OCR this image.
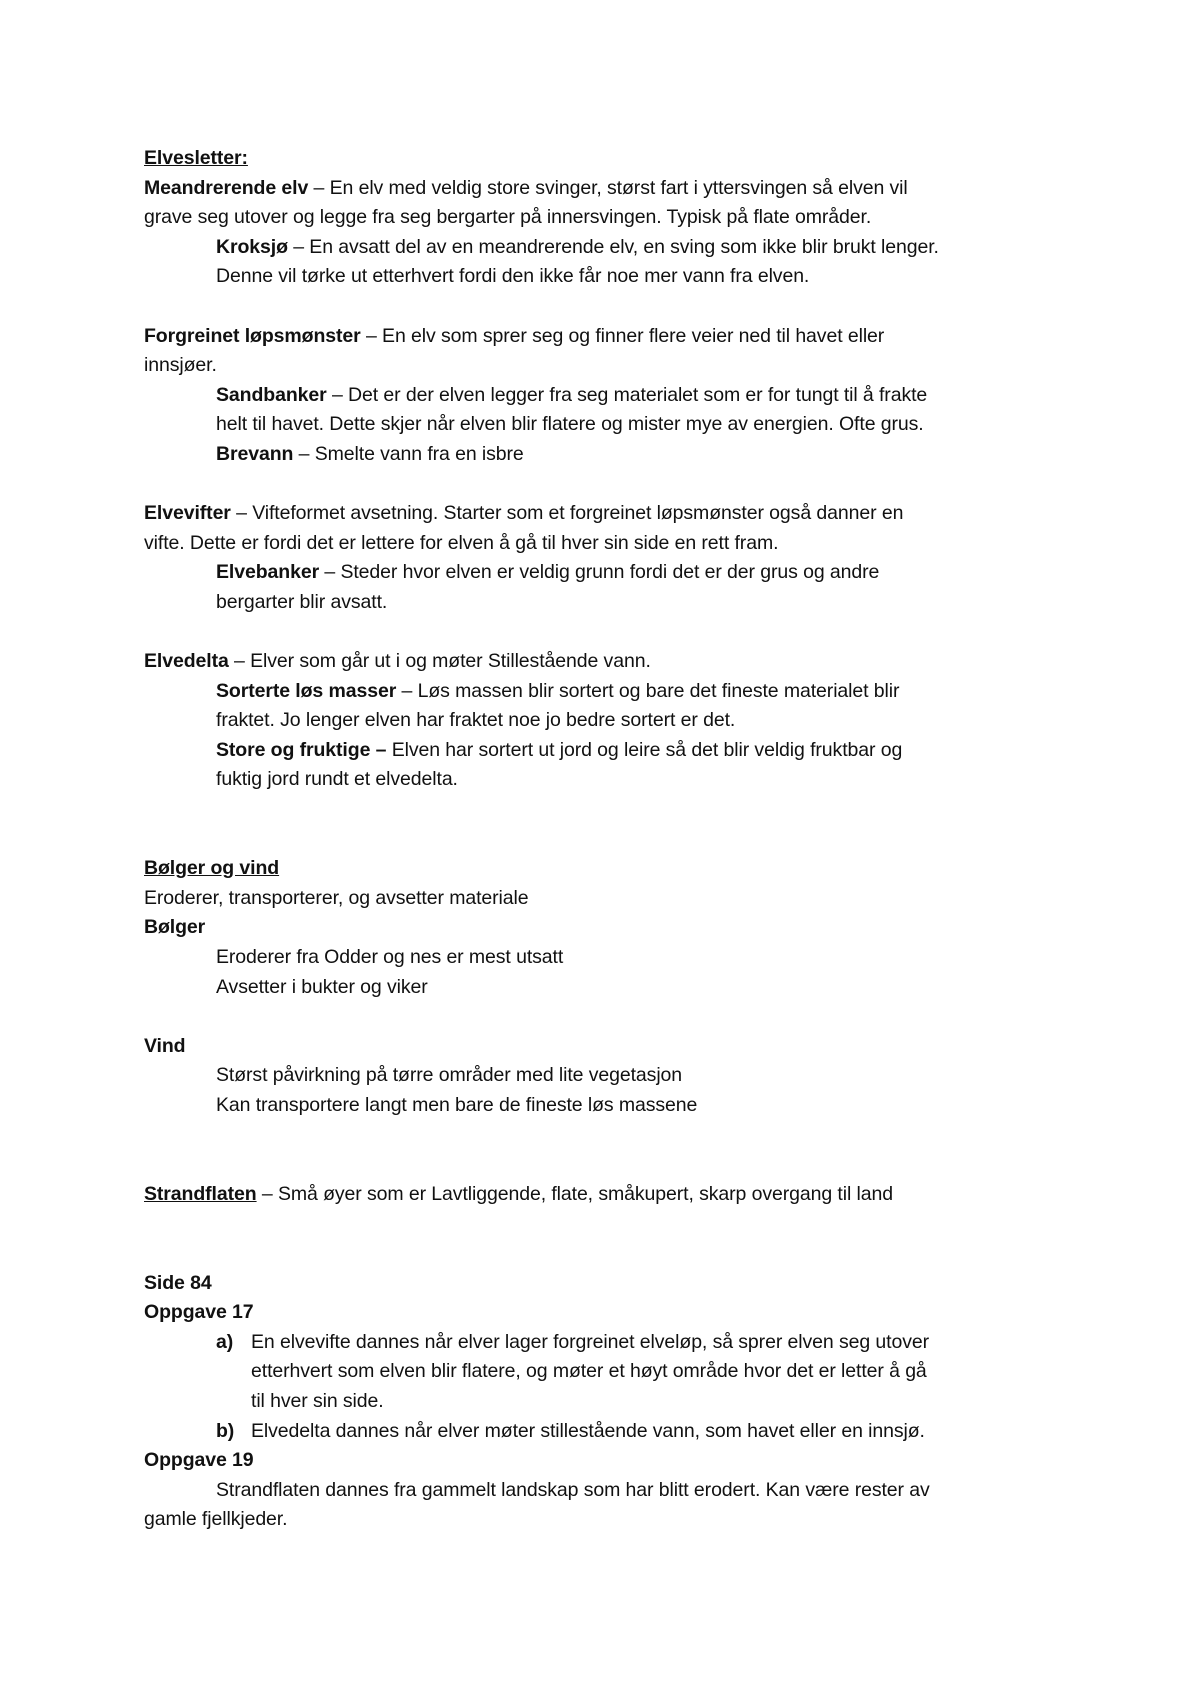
Elvesletter:

Meandrerende elv – En elv med veldig store svinger, størst fart i yttersvingen så elven vil

grave seg utover og legge fra seg bergarter på innersvingen. Typisk på flate områder.

Kroksjø – En avsatt del av en meandrerende elv, en sving som ikke blir brukt lenger.

Denne vil tørke ut etterhvert fordi den ikke får noe mer vann fra elven.

Forgreinet løpsmønster – En elv som sprer seg og finner flere veier ned til havet eller

innsjøer.

Sandbanker – Det er der elven legger fra seg materialet som er for tungt til å frakte

helt til havet. Dette skjer når elven blir flatere og mister mye av energien. Ofte grus.

Brevann – Smelte vann fra en isbre

Elvevifter – Vifteformet avsetning. Starter som et forgreinet løpsmønster også danner en

vifte. Dette er fordi det er lettere for elven å gå til hver sin side en rett fram.

Elvebanker – Steder hvor elven er veldig grunn fordi det er der grus og andre

bergarter blir avsatt.

Elvedelta – Elver som går ut i og møter Stillestående vann.

Sorterte løs masser – Løs massen blir sortert og bare det fineste materialet blir

fraktet. Jo lenger elven har fraktet noe jo bedre sortert er det.

Store og fruktige – Elven har sortert ut jord og leire så det blir veldig fruktbar og

fuktig jord rundt et elvedelta.

Bølger og vind

Eroderer, transporterer, og avsetter materiale

Bølger

Eroderer fra Odder og nes er mest utsatt

Avsetter i bukter og viker

Vind

Størst påvirkning på tørre områder med lite vegetasjon

Kan transportere langt men bare de fineste løs massene

Strandflaten – Små øyer som er Lavtliggende, flate, småkupert, skarp overgang til land

Side 84

Oppgave 17

a) En elvevifte dannes når elver lager forgreinet elveløp, så sprer elven seg utover

etterhvert som elven blir flatere, og møter et høyt område hvor det er letter å gå

til hver sin side.

b) Elvedelta dannes når elver møter stillestående vann, som havet eller en innsjø.

Oppgave 19

Strandflaten dannes fra gammelt landskap som har blitt erodert. Kan være rester av

gamle fjellkjeder.
